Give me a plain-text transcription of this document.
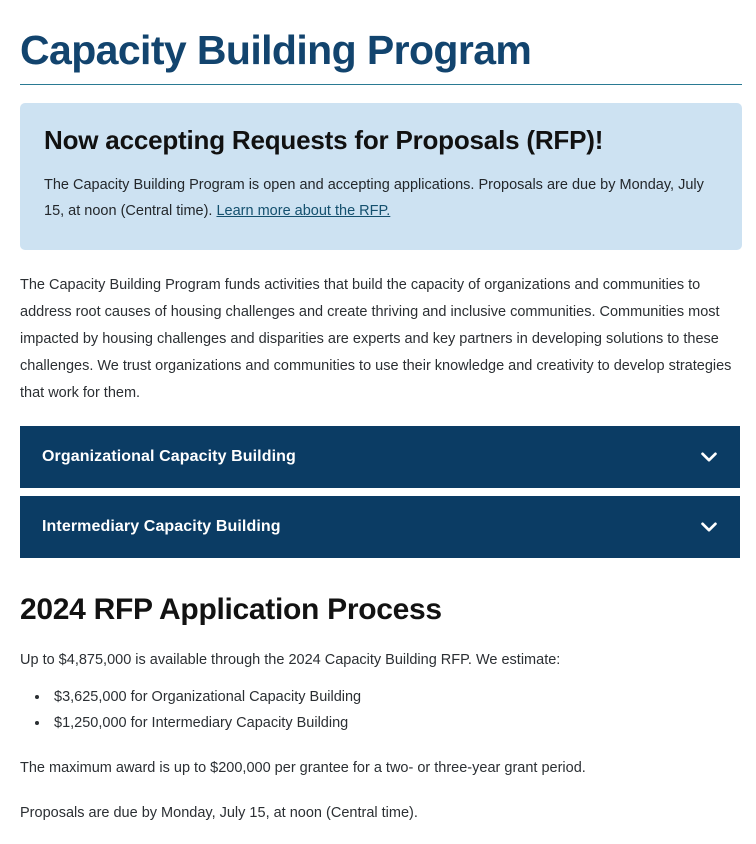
Capacity Building Program
Now accepting Requests for Proposals (RFP)!

The Capacity Building Program is open and accepting applications. Proposals are due by Monday, July 15, at noon (Central time). Learn more about the RFP.

The Capacity Building Program funds activities that build the capacity of organizations and communities to address root causes of housing challenges and create thriving and inclusive communities. Communities most impacted by housing challenges and disparities are experts and key partners in developing solutions to these challenges. We trust organizations and communities to use their knowledge and creativity to develop strategies that work for them.

Organizational Capacity Building
Intermediary Capacity Building
2024 RFP Application Process

Up to $4,875,000 is available through the 2024 Capacity Building RFP. We estimate:

• $3,625,000 for Organizational Capacity Building
• $1,250,000 for Intermediary Capacity Building

The maximum award is up to $200,000 per grantee for a two- or three-year grant period.

Proposals are due by Monday, July 15, at noon (Central time).
